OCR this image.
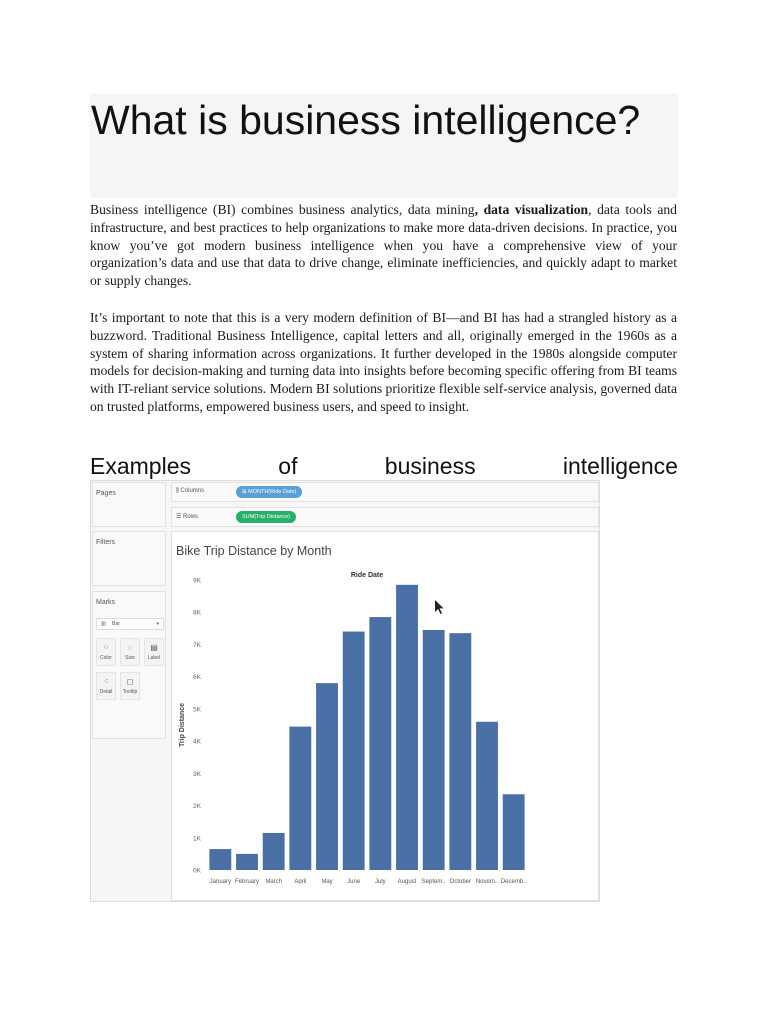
What is business intelligence?

Business intelligence (BI) combines business analytics, data mining, data visualization, data tools and infrastructure, and best practices to help organizations to make more data-driven decisions. In practice, you know you’ve got modern business intelligence when you have a comprehensive view of your organization’s data and use that data to drive change, eliminate inefficiencies, and quickly adapt to market or supply changes.

It’s important to note that this is a very modern definition of BI—and BI has had a strangled history as a buzzword. Traditional Business Intelligence, capital letters and all, originally emerged in the 1960s as a system of sharing information across organizations. It further developed in the 1980s alongside computer models for decision-making and turning data into insights before becoming specific offering from BI teams with IT-reliant service solutions. Modern BI solutions prioritize flexible self-service analysis, governed data on trusted platforms, empowered business users, and speed to insight.

Examples	of	business	intelligence
Pages
Filters
Marks
▥ Bar	▾
⁘
Color
◌
Size
▤
Label
⁖
Detail
◻
Tooltip
⫼ Columns	⊞ MONTH(Ride Date)
☰ Rows	SUM(Trip Distance)
Bike Trip Distance by Month
Ride Date
Trip Distance
0K
1K
2K
3K
4K
5K
6K
7K
8K
9K
January February March April May June July August Septem.. October Novem.. Decemb..
